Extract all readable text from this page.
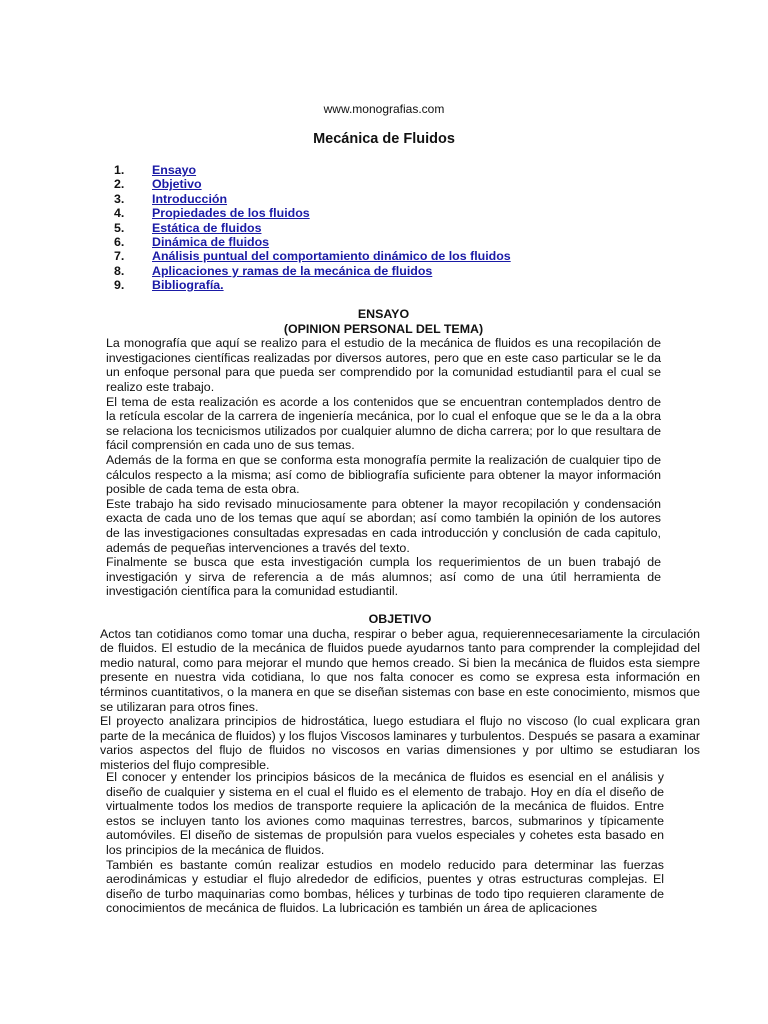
www.monografias.com
Mecánica de Fluidos
1. Ensayo
2. Objetivo
3. Introducción
4. Propiedades de los fluidos
5. Estática de fluidos
6. Dinámica de fluidos
7. Análisis puntual del comportamiento dinámico de los fluidos
8. Aplicaciones y ramas de la mecánica de fluidos
9. Bibliografía.
ENSAYO
(OPINION PERSONAL DEL TEMA)

La monografía que aquí se realizo para el estudio de la mecánica de fluidos es una recopilación de investigaciones científicas realizadas por diversos autores, pero que en este caso particular se le da un enfoque personal para que pueda ser comprendido por la comunidad estudiantil para el cual se realizo este trabajo.

El tema de esta realización es acorde a los contenidos que se encuentran contemplados dentro de la retícula escolar de la carrera de ingeniería mecánica, por lo cual el enfoque que se le da a la obra se relaciona los tecnicismos utilizados por cualquier alumno de dicha carrera; por lo que resultara de fácil comprensión en cada uno de sus temas.

Además de la forma en que se conforma esta monografía permite la realización de cualquier tipo de cálculos respecto a la misma; así como de bibliografía suficiente para obtener la mayor información posible de cada tema de esta obra.

Este trabajo ha sido revisado minuciosamente para obtener la mayor recopilación y condensación exacta de cada uno de los temas que aquí se abordan; así como también la opinión de los autores de las investigaciones consultadas expresadas en cada introducción y conclusión de cada capitulo, además de pequeñas intervenciones a través del texto.

Finalmente se busca que esta investigación cumpla los requerimientos de un buen trabajó de investigación y sirva de referencia a de más alumnos; así como de una útil herramienta de investigación científica para la comunidad estudiantil.

OBJETIVO

Actos tan cotidianos como tomar una ducha, respirar o beber agua, requierennecesariamente la circulación de fluidos. El estudio de la mecánica de fluidos puede ayudarnos tanto para comprender la complejidad del medio natural, como para mejorar el mundo que hemos creado. Si bien la mecánica de fluidos esta siempre presente en nuestra vida cotidiana, lo que nos falta conocer es como se expresa esta información en términos cuantitativos, o la manera en que se diseñan sistemas con base en este conocimiento, mismos que se utilizaran para otros fines.

El proyecto analizara principios de hidrostática, luego estudiara el flujo no viscoso (lo cual explicara gran parte de la mecánica de fluidos) y los flujos Viscosos laminares y turbulentos. Después se pasara a examinar varios aspectos del flujo de fluidos no viscosos en varias dimensiones y por ultimo se estudiaran los misterios del flujo compresible.

El conocer y entender los principios básicos de la mecánica de fluidos es esencial en el análisis y diseño de cualquier y sistema en el cual el fluido es el elemento de trabajo. Hoy en día el diseño de virtualmente todos los medios de transporte requiere la aplicación de la mecánica de fluidos. Entre estos se incluyen tanto los aviones como maquinas terrestres, barcos, submarinos y típicamente automóviles. El diseño de sistemas de propulsión para vuelos especiales y cohetes esta basado en los principios de la mecánica de fluidos.

También es bastante común realizar estudios en modelo reducido para determinar las fuerzas aerodinámicas y estudiar el flujo alrededor de edificios, puentes y otras estructuras complejas. El diseño de turbo maquinarias como bombas, hélices y turbinas de todo tipo requieren claramente de conocimientos de mecánica de fluidos. La lubricación es también un área de aplicaciones
